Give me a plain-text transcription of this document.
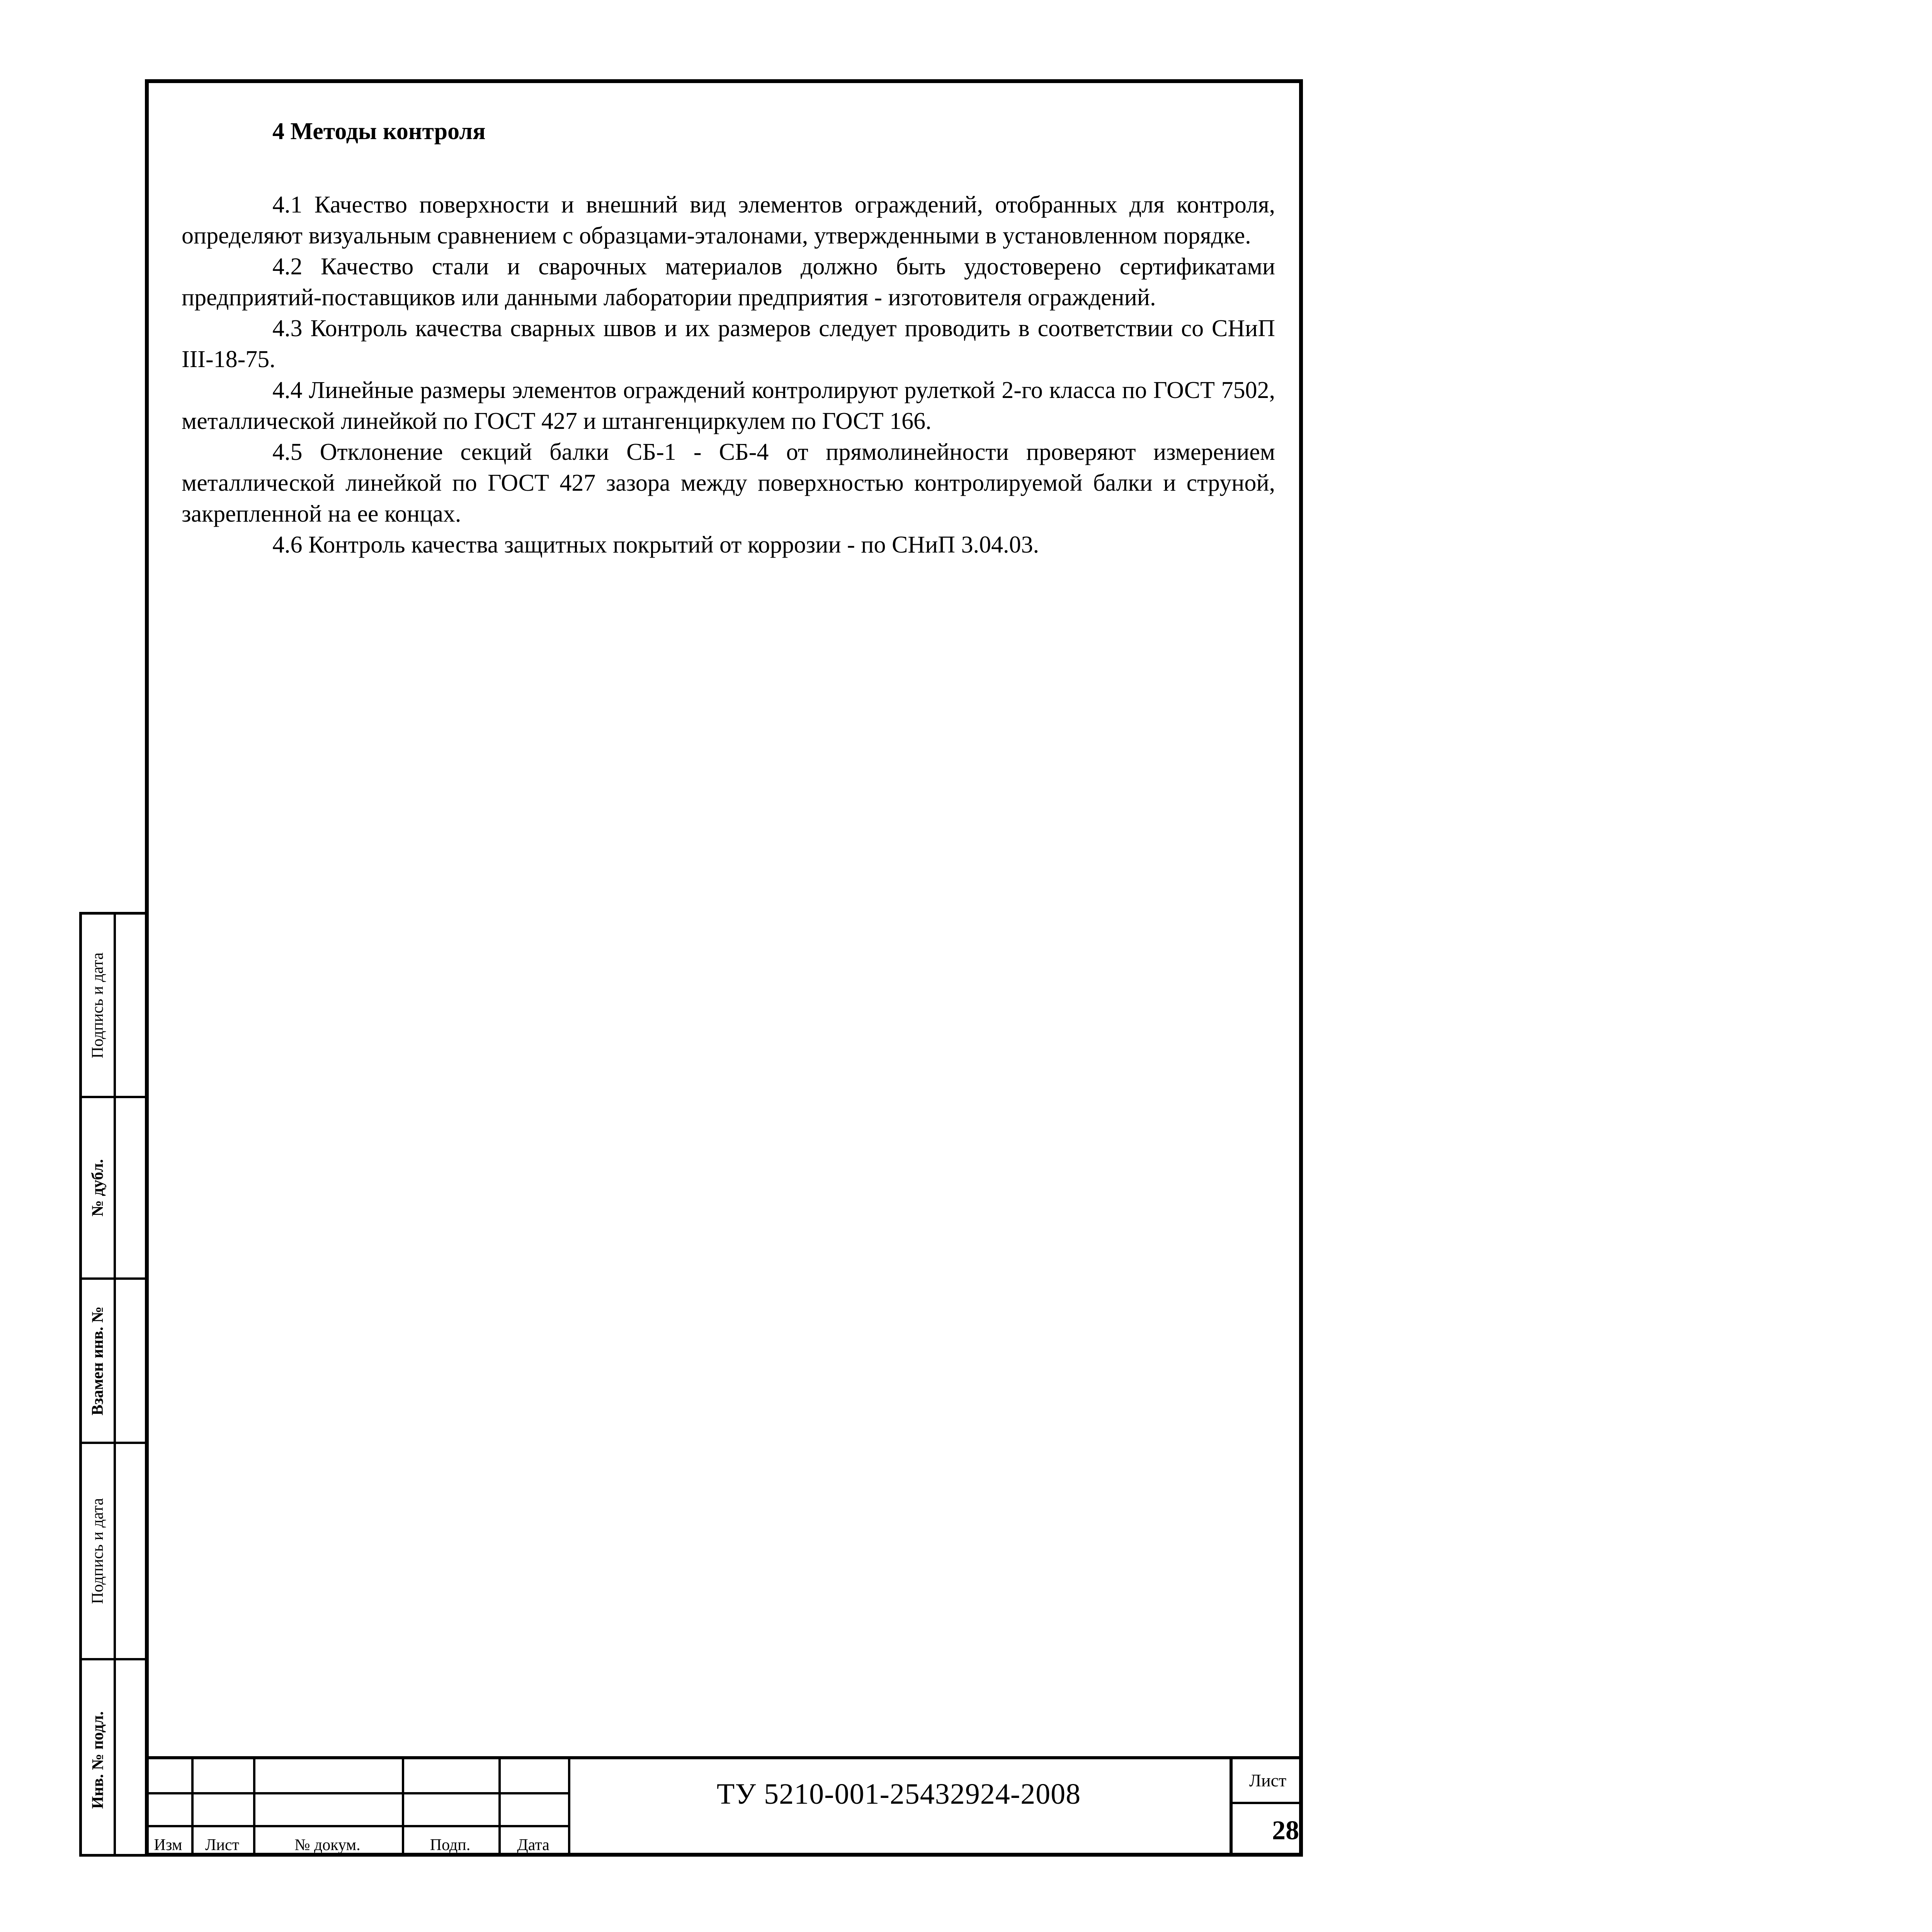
Подпись и дата
№ дубл.
Взамен инв. №
Подпись и дата
Инв. № подл.

4 Методы контроля

4.1 Качество поверхности и внешний вид элементов ограждений, отобранных для контроля, определяют визуальным сравнением с образцами-эталонами, утвержденными в установленном порядке.

4.2 Качество стали и сварочных материалов должно быть удостоверено сертификатами предприятий-поставщиков или данными лаборатории предприятия - изготовителя ограждений.

4.3 Контроль качества сварных швов и их размеров следует проводить в соответствии со СНиП III-18-75.

4.4 Линейные размеры элементов ограждений контролируют рулеткой 2-го класса по ГОСТ 7502, металлической линейкой по ГОСТ 427 и штангенциркулем по ГОСТ 166.

4.5 Отклонение секций балки СБ-1 - СБ-4 от прямолинейности проверяют измерением металлической линейкой по ГОСТ 427 зазора между поверхностью контролируемой балки и струной, закрепленной на ее концах.

4.6 Контроль качества защитных покрытий от коррозии - по СНиП 3.04.03.

Изм	Лист	№ докум.	Подп.	Дата
ТУ 5210-001-25432924-2008	Лист
28
